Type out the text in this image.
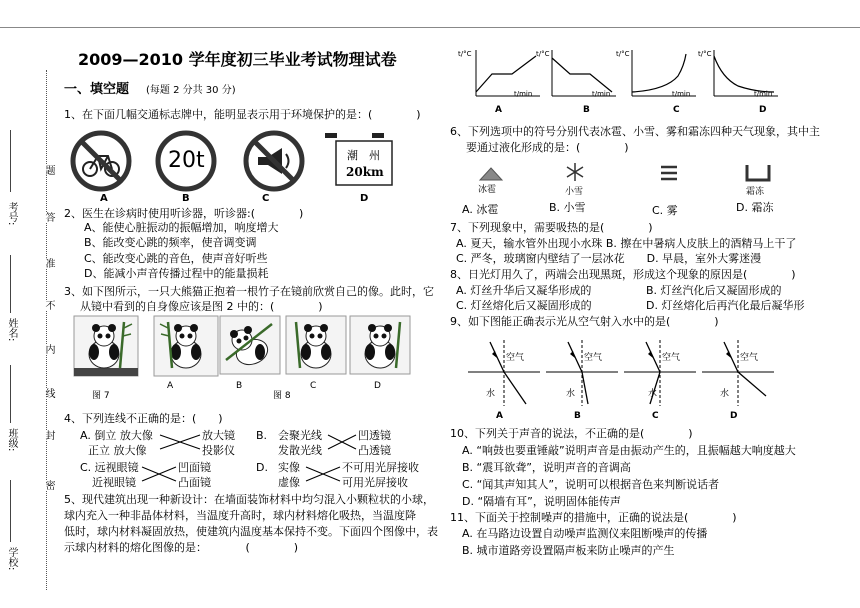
考号:
姓名:
班级:
学校:
题
答
准
不
内
线
封
密
2009—2010 学年度初三毕业考试物理试卷
一、填空题 (每题 2 分共 30 分)
1、在下面几幅交通标志牌中，能明显表示用于环境保护的是：(　　　　)
20t	潮　州
20km
A	B	C	D
2、医生在诊病时使用听诊器，听诊器:(　　　　)
A、能使心脏振动的振幅增加，响度增大
B、能改变心跳的频率，使音调变调
C、能改变心跳的音色，使声音好听些
D、能减小声音传播过程中的能量损耗
3、如下图所示，一只大熊猫正抱着一根竹子在镜前欣赏自己的像。此时，它
从镜中看到的自身像应该是图 2 中的：(　　　　)
图 7
A	B
图 8
C	D
4、下列连线不正确的是：(　　)
A. 倒立 放大像
正立 放大像
放大镜
投影仪
B. 会聚光线
发散光线
凹透镜
凸透镜
C. 远视眼镜
近视眼镜
凹面镜
凸面镜
D. 实像
虚像
不可用光屏接收
可用光屏接收
5、现代建筑出现一种新设计：在墙面装饰材料中均匀混入小颗粒状的小球，
球内充入一种非晶体材料，当温度升高时，球内材料熔化吸热，当温度降
低时，球内材料凝固放热，使建筑内温度基本保持不变。下面四个图像中，表
示球内材料的熔化图像的是：　　　　(　　　　)
t/°C	t/°C	t/°C	t/°C
t/min	t/min	t/min	t/min
A	B	C	D
6、下列选项中的符号分别代表冰雹、小雪、雾和霜冻四种天气现象，其中主
要通过液化形成的是：(　　　　)
冰雹	小雪	霜冻
A. 冰雹	B. 小雪	C. 雾	D. 霜冻
7、下列现象中，需要吸热的是(　　　　)
A. 夏天，输水管外出现小水珠 B. 擦在中暑病人皮肤上的酒精马上干了
C. 严冬，玻璃窗内壁结了一层冰花　　D. 早晨，室外大雾迷漫
8、日光灯用久了，两端会出现黑斑，形成这个现象的原因是(　　　　)
A. 灯丝升华后又凝华形成的	B. 灯丝汽化后又凝固形成的
C. 灯丝熔化后又凝固形成的	D. 灯丝熔化后再汽化最后凝华形
9、如下图能正确表示光从空气射入水中的是(　　　　)
空气
水
空气
水
空气
水
空气
水
A	B	C	D
10、下列关于声音的说法，不正确的是(　　　　)
A. “响鼓也要重锤敲”说明声音是由振动产生的，且振幅越大响度越大
B. “震耳欲聋”，说明声音的音调高
C. “闻其声知其人”，说明可以根据音色来判断说话者
D. “隔墙有耳”，说明固体能传声
11、下面关于控制噪声的措施中，正确的说法是(　　　　)
A. 在马路边设置自动噪声监测仪来阻断噪声的传播
B. 城市道路旁设置隔声板来防止噪声的产生
